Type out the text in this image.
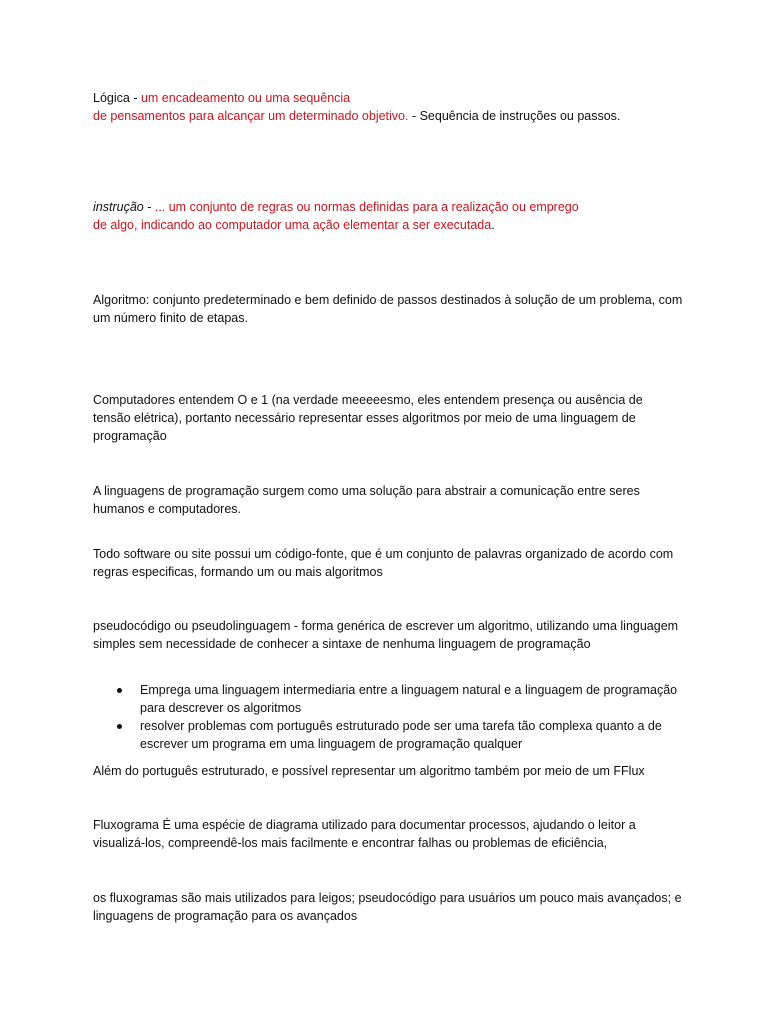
Lógica - um encadeamento ou uma sequência
de pensamentos para alcançar um determinado objetivo. - Sequência de instruções ou passos.

instrução - ... um conjunto de regras ou normas definidas para a realização ou emprego de algo, indicando ao computador uma ação elementar a ser executada.

Algoritmo: conjunto predeterminado e bem definido de passos destinados à solução de um problema, com um número finito de etapas.

Computadores entendem O e 1 (na verdade meeeeesmo, eles entendem presença ou ausência de tensão elétrica), portanto necessário representar esses algoritmos por meio de uma linguagem de programação

A linguagens de programação surgem como uma solução para abstrair a comunicação entre seres humanos e computadores.

Todo software ou site possui um código-fonte, que é um conjunto de palavras organizado de acordo com regras especificas, formando um ou mais algoritmos

pseudocódigo ou pseudolinguagem - forma genérica de escrever um algoritmo, utilizando uma linguagem simples sem necessidade de conhecer a sintaxe de nenhuma linguagem de programação

Emprega uma linguagem intermediaria entre a linguagem natural e a linguagem de programação para descrever os algoritmos
resolver problemas com português estruturado pode ser uma tarefa tão complexa quanto a de escrever um programa em uma linguagem de programação qualquer

Além do português estruturado, e possível representar um algoritmo também por meio de um FFlux

Fluxograma É uma espécie de diagrama utilizado para documentar processos, ajudando o leitor a visualizá-los, compreendê-los mais facilmente e encontrar falhas ou problemas de eficiência,

os fluxogramas são mais utilizados para leigos; pseudocódigo para usuários um pouco mais avançados; e linguagens de programação para os avançados
